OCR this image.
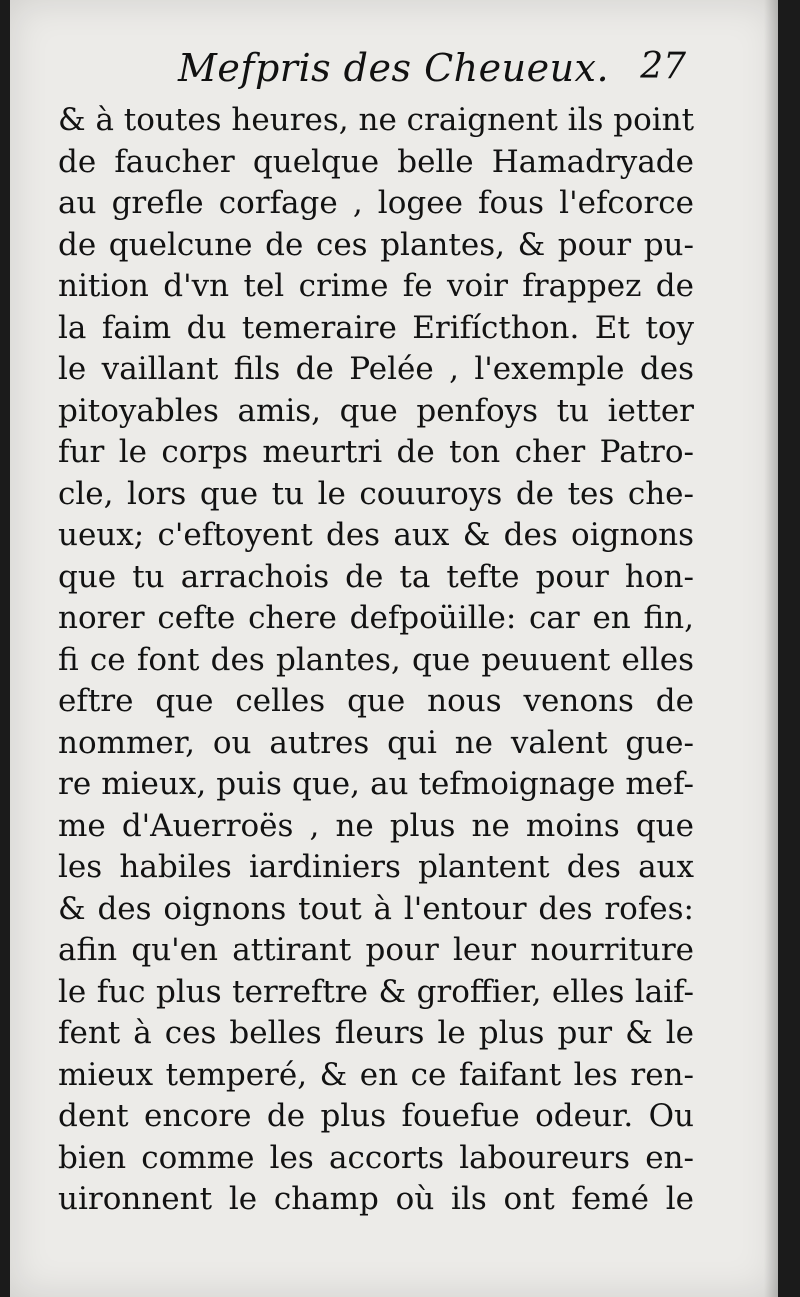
Mefpris des Cheueux. 27
& à toutes heures, ne craignent ils point
de faucher quelque belle Hamadryade
au grefle corfage , logee fous l'efcorce
de quelcune de ces plantes, & pour pu-
nition d'vn tel crime fe voir frappez de
la faim du temeraire Erifícthon. Et toy
le vaillant fils de Pelée , l'exemple des
pitoyables amis, que penfoys tu ietter
fur le corps meurtri de ton cher Patro-
cle, lors que tu le couuroys de tes che-
ueux; c'eftoyent des aux & des oignons
que tu arrachois de ta tefte pour hon-
norer cefte chere defpoüille: car en fin,
fi ce font des plantes, que peuuent elles
eftre que celles que nous venons de
nommer, ou autres qui ne valent gue-
re mieux, puis que, au tefmoignage mef-
me d'Auerroës , ne plus ne moins que
les habiles iardiniers plantent des aux
& des oignons tout à l'entour des rofes:
afin qu'en attirant pour leur nourriture
le fuc plus terreftre & groffier, elles laif-
fent à ces belles fleurs le plus pur & le
mieux temperé, & en ce faifant les ren-
dent encore de plus fouefue odeur. Ou
bien comme les accorts laboureurs en-
uironnent le champ où ils ont femé le
